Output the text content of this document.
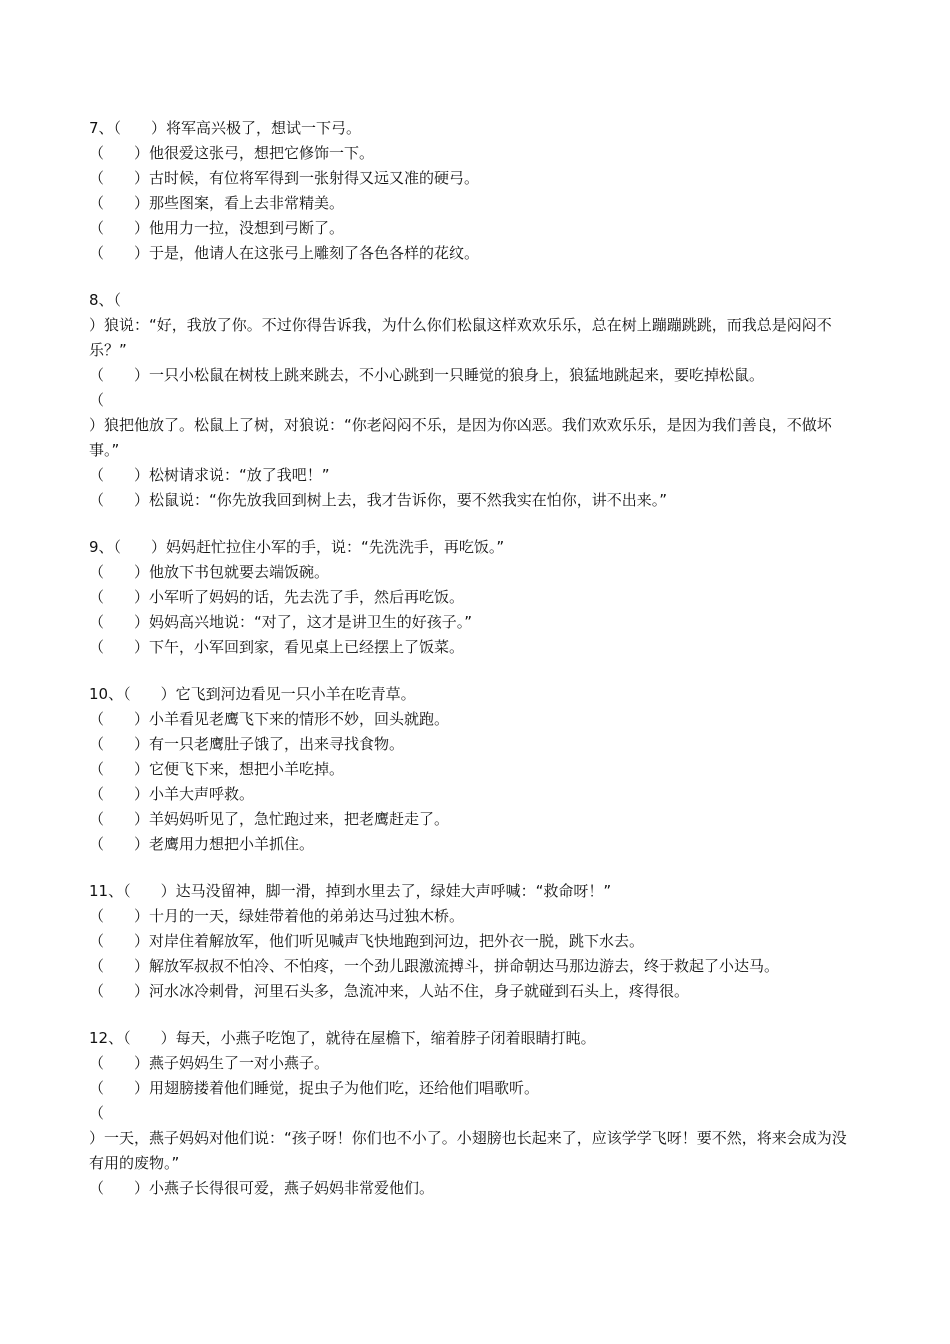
7、（　　）将军高兴极了，想试一下弓。
（　　）他很爱这张弓，想把它修饰一下。
（　　）古时候，有位将军得到一张射得又远又准的硬弓。
（　　）那些图案，看上去非常精美。
（　　）他用力一拉，没想到弓断了。
（　　）于是，他请人在这张弓上雕刻了各色各样的花纹。
8、（
）狼说：“好，我放了你。不过你得告诉我，为什么你们松鼠这样欢欢乐乐，总在树上蹦蹦跳跳，而我总是闷闷不乐？”
（　　）一只小松鼠在树枝上跳来跳去，不小心跳到一只睡觉的狼身上，狼猛地跳起来，要吃掉松鼠。
（
）狼把他放了。松鼠上了树，对狼说：“你老闷闷不乐，是因为你凶恶。我们欢欢乐乐，是因为我们善良，不做坏事。”
（　　）松树请求说：“放了我吧！”
（　　）松鼠说：“你先放我回到树上去，我才告诉你，要不然我实在怕你，讲不出来。”
9、（　　）妈妈赶忙拉住小军的手，说：“先洗洗手，再吃饭。”
（　　）他放下书包就要去端饭碗。
（　　）小军听了妈妈的话，先去洗了手，然后再吃饭。
（　　）妈妈高兴地说：“对了，这才是讲卫生的好孩子。”
（　　）下午，小军回到家，看见桌上已经摆上了饭菜。
10、（　　）它飞到河边看见一只小羊在吃青草。
（　　）小羊看见老鹰飞下来的情形不妙，回头就跑。
（　　）有一只老鹰肚子饿了，出来寻找食物。
（　　）它便飞下来，想把小羊吃掉。
（　　）小羊大声呼救。
（　　）羊妈妈听见了，急忙跑过来，把老鹰赶走了。
（　　）老鹰用力想把小羊抓住。
11、（　　）达马没留神，脚一滑，掉到水里去了，绿娃大声呼喊：“救命呀！”
（　　）十月的一天，绿娃带着他的弟弟达马过独木桥。
（　　）对岸住着解放军，他们听见喊声飞快地跑到河边，把外衣一脱，跳下水去。
（　　）解放军叔叔不怕冷、不怕疼，一个劲儿跟激流搏斗，拼命朝达马那边游去，终于救起了小达马。
（　　）河水冰冷刺骨，河里石头多，急流冲来，人站不住，身子就碰到石头上，疼得很。
12、（　　）每天，小燕子吃饱了，就待在屋檐下，缩着脖子闭着眼睛打盹。
（　　）燕子妈妈生了一对小燕子。
（　　）用翅膀搂着他们睡觉，捉虫子为他们吃，还给他们唱歌听。
（
）一天，燕子妈妈对他们说：“孩子呀！你们也不小了。小翅膀也长起来了，应该学学飞呀！要不然，将来会成为没有用的废物。”
（　　）小燕子长得很可爱，燕子妈妈非常爱他们。
